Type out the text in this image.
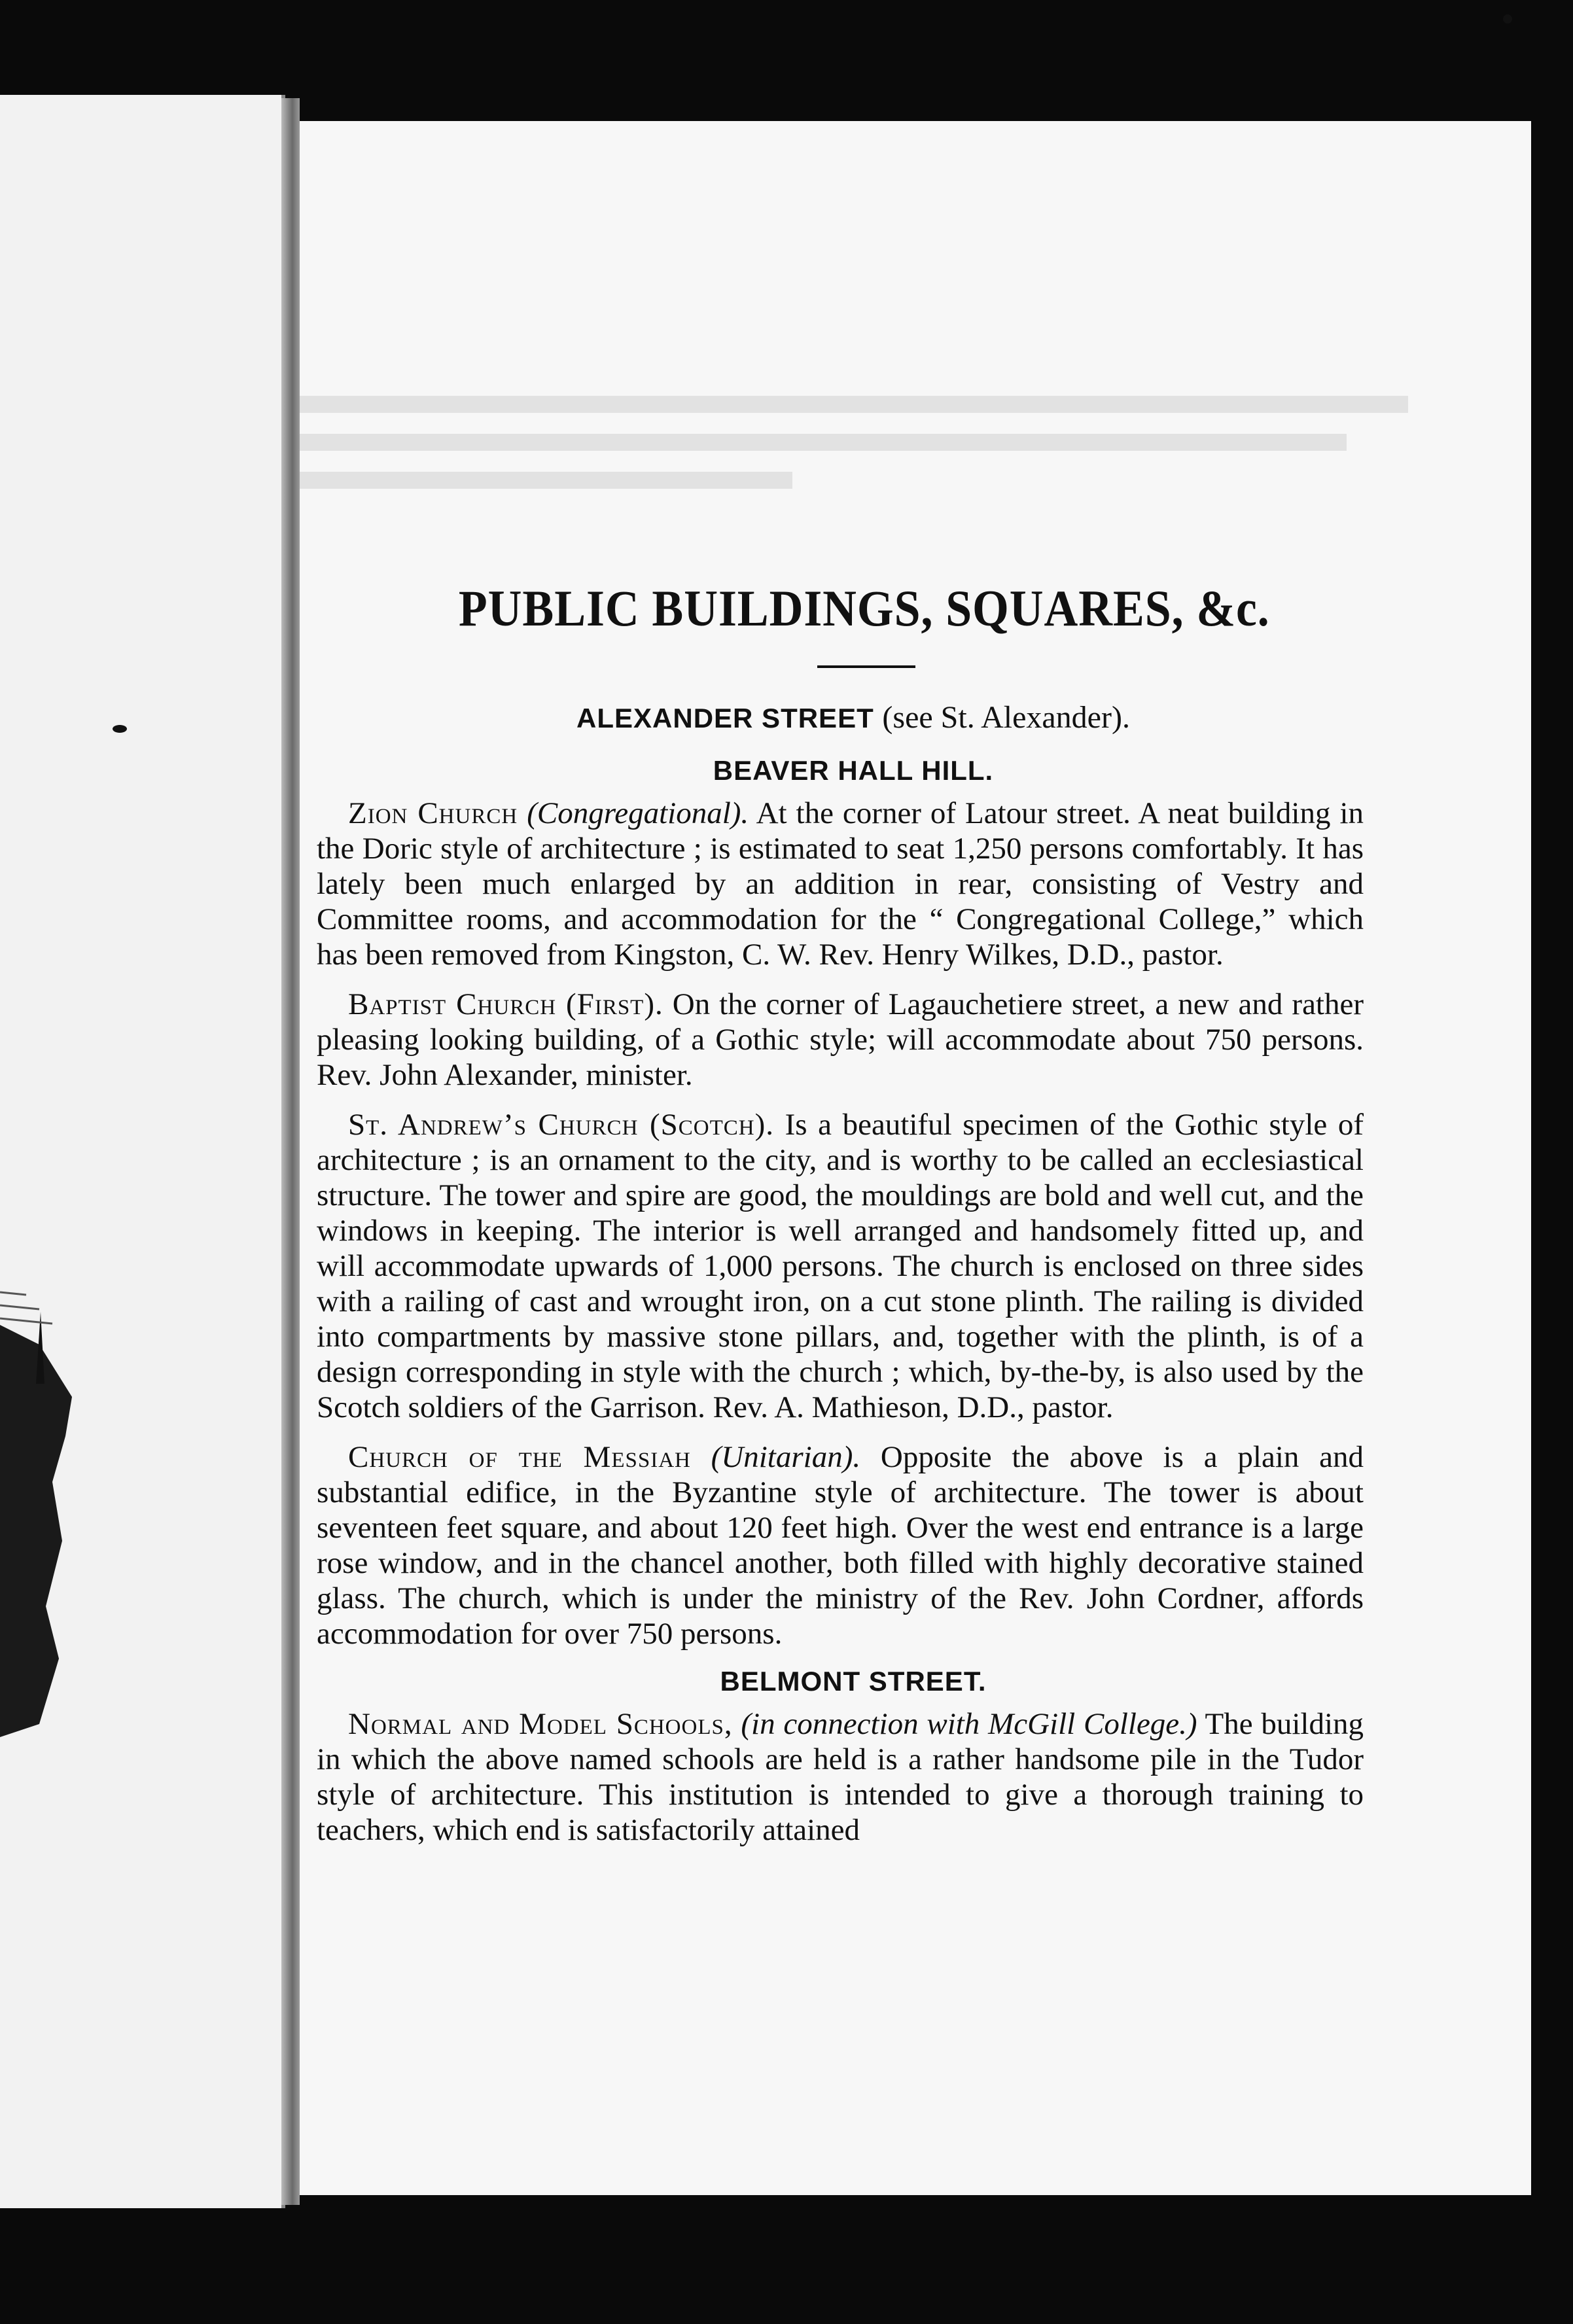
PUBLIC BUILDINGS, SQUARES, &c.
ALEXANDER STREET (see St. Alexander).
BEAVER HALL HILL.

Zion Church (Congregational). At the corner of Latour street. A neat building in the Doric style of architecture ; is estimated to seat 1,250 persons comfortably. It has lately been much enlarged by an addition in rear, consisting of Vestry and Committee rooms, and accommodation for the “ Congregational College,” which has been removed from Kingston, C. W. Rev. Henry Wilkes, D.D., pastor.

Baptist Church (First). On the corner of Lagauchetiere street, a new and rather pleasing looking building, of a Gothic style; will accommodate about 750 persons. Rev. John Alexander, minister.

St. Andrew’s Church (Scotch). Is a beautiful specimen of the Gothic style of architecture ; is an ornament to the city, and is worthy to be called an ecclesiastical structure. The tower and spire are good, the mouldings are bold and well cut, and the windows in keeping. The interior is well arranged and handsomely fitted up, and will accommodate upwards of 1,000 persons. The church is enclosed on three sides with a railing of cast and wrought iron, on a cut stone plinth. The railing is divided into compartments by massive stone pillars, and, together with the plinth, is of a design corresponding in style with the church ; which, by-the-by, is also used by the Scotch soldiers of the Garrison. Rev. A. Mathieson, D.D., pastor.

Church of the Messiah (Unitarian). Opposite the above is a plain and substantial edifice, in the Byzantine style of architecture. The tower is about seventeen feet square, and about 120 feet high. Over the west end entrance is a large rose window, and in the chancel another, both filled with highly decorative stained glass. The church, which is under the ministry of the Rev. John Cordner, affords accommodation for over 750 persons.

BELMONT STREET.

Normal and Model Schools, (in connection with McGill College.) The building in which the above named schools are held is a rather handsome pile in the Tudor style of architecture. This institution is intended to give a thorough training to teachers, which end is satisfactorily attained
